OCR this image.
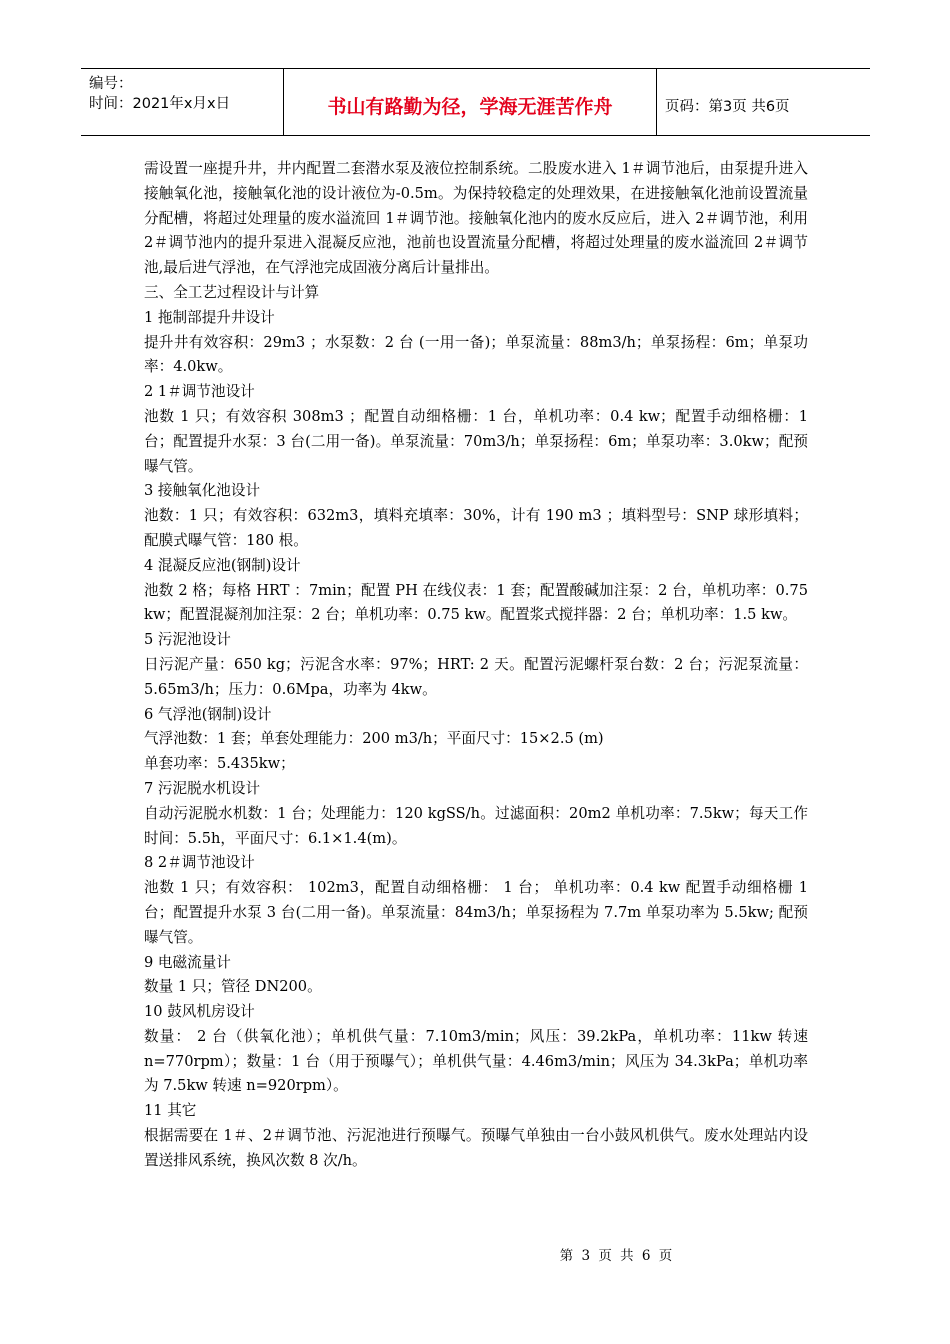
编号：
时间：2021年x月x日	书山有路勤为径，学海无涯苦作舟	页码：第3页 共6页

需设置一座提升井，井内配置二套潜水泵及液位控制系统。二股废水进入 1＃调节池后，由泵提升进入接触氧化池，接触氧化池的设计液位为-0.5m。为保持较稳定的处理效果，在进接触氧化池前设置流量分配槽，将超过处理量的废水溢流回 1＃调节池。接触氧化池内的废水反应后，进入 2＃调节池，利用 2＃调节池内的提升泵进入混凝反应池，池前也设置流量分配槽，将超过处理量的废水溢流回 2＃调节池,最后进气浮池，在气浮池完成固液分离后计量排出。

三、全工艺过程设计与计算

1 拖制部提升井设计

提升井有效容积：29m3 ；水泵数：2 台 (一用一备)；单泵流量：88m3/h；单泵扬程：6m；单泵功率：4.0kw。

2 1＃调节池设计

池数 1 只；有效容积 308m3 ；配置自动细格栅：1 台，单机功率：0.4 kw；配置手动细格栅：1 台；配置提升水泵：3 台(二用一备)。单泵流量：70m3/h；单泵扬程：6m；单泵功率：3.0kw；配预曝气管。

3 接触氧化池设计

池数：1 只；有效容积：632m3，填料充填率：30%，计有 190 m3 ；填料型号：SNP 球形填料；配膜式曝气管：180 根。

4 混凝反应池(钢制)设计

池数 2 格；每格 HRT ：7min；配置 PH 在线仪表：1 套；配置酸碱加注泵：2 台，单机功率：0.75 kw；配置混凝剂加注泵：2 台；单机功率：0.75 kw。配置浆式搅拌器：2 台；单机功率：1.5 kw。

5 污泥池设计

日污泥产量：650 kg；污泥含水率：97%；HRT: 2 天。配置污泥螺杆泵台数：2 台；污泥泵流量：5.65m3/h；压力：0.6Mpa，功率为 4kw。

6 气浮池(钢制)设计

气浮池数：1 套；单套处理能力：200 m3/h；平面尺寸：15×2.5 (m)

单套功率：5.435kw；

7 污泥脱水机设计

自动污泥脱水机数：1 台；处理能力：120 kgSS/h。过滤面积：20m2 单机功率：7.5kw；每天工作时间：5.5h，平面尺寸：6.1×1.4(m)。

8 2＃调节池设计

池数 1 只；有效容积： 102m3，配置自动细格栅： 1 台； 单机功率：0.4 kw 配置手动细格栅 1 台；配置提升水泵 3 台(二用一备)。单泵流量：84m3/h；单泵扬程为 7.7m 单泵功率为 5.5kw; 配预曝气管。

9 电磁流量计

数量 1 只；管径 DN200。

10 鼓风机房设计

数量： 2 台（供氧化池）；单机供气量：7.10m3/min；风压：39.2kPa，单机功率：11kw 转速 n=770rpm）；数量：1 台（用于预曝气）；单机供气量：4.46m3/min；风压为 34.3kPa；单机功率为 7.5kw 转速 n=920rpm）。

11 其它

根据需要在 1＃、2＃调节池、污泥池进行预曝气。预曝气单独由一台小鼓风机供气。废水处理站内设置送排风系统，换风次数 8 次/h。

第 3 页 共 6 页
